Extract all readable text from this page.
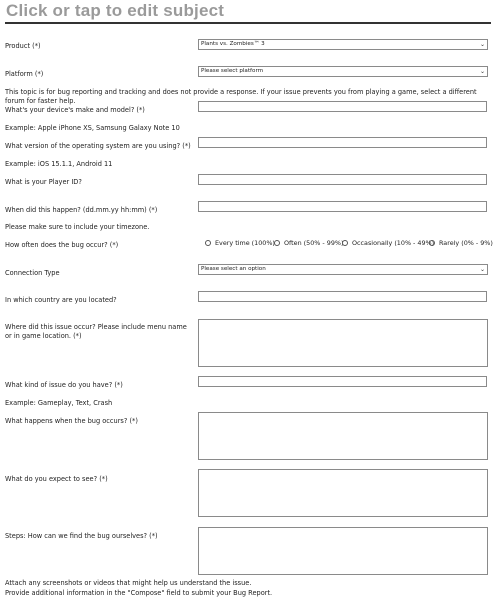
Click or tap to edit subject
Product (*)	Plants vs. Zombies™ 3	⌄
Platform (*)	Please select platform	⌄
This topic is for bug reporting and tracking and does not provide a response. If your issue prevents you from playing a game, select a different forum for faster help.
What's your device's make and model? (*)
Example: Apple iPhone XS, Samsung Galaxy Note 10
What version of the operating system are you using? (*)
Example: iOS 15.1.1, Android 11
What is your Player ID?
When did this happen? (dd.mm.yy hh:mm) (*)
Please make sure to include your timezone.
How often does the bug occur? (*)	Every time (100%)	Often (50% - 99%)	Occasionally (10% - 49%) Rarely (0% - 9%)
Connection Type	Please select an option	⌄
In which country are you located?
Where did this issue occur? Please include menu name or in game location. (*)
What kind of issue do you have? (*)
Example: Gameplay, Text, Crash
What happens when the bug occurs? (*)
What do you expect to see? (*)
Steps: How can we find the bug ourselves? (*)
Attach any screenshots or videos that might help us understand the issue.
Provide additional information in the "Compose" field to submit your Bug Report.
